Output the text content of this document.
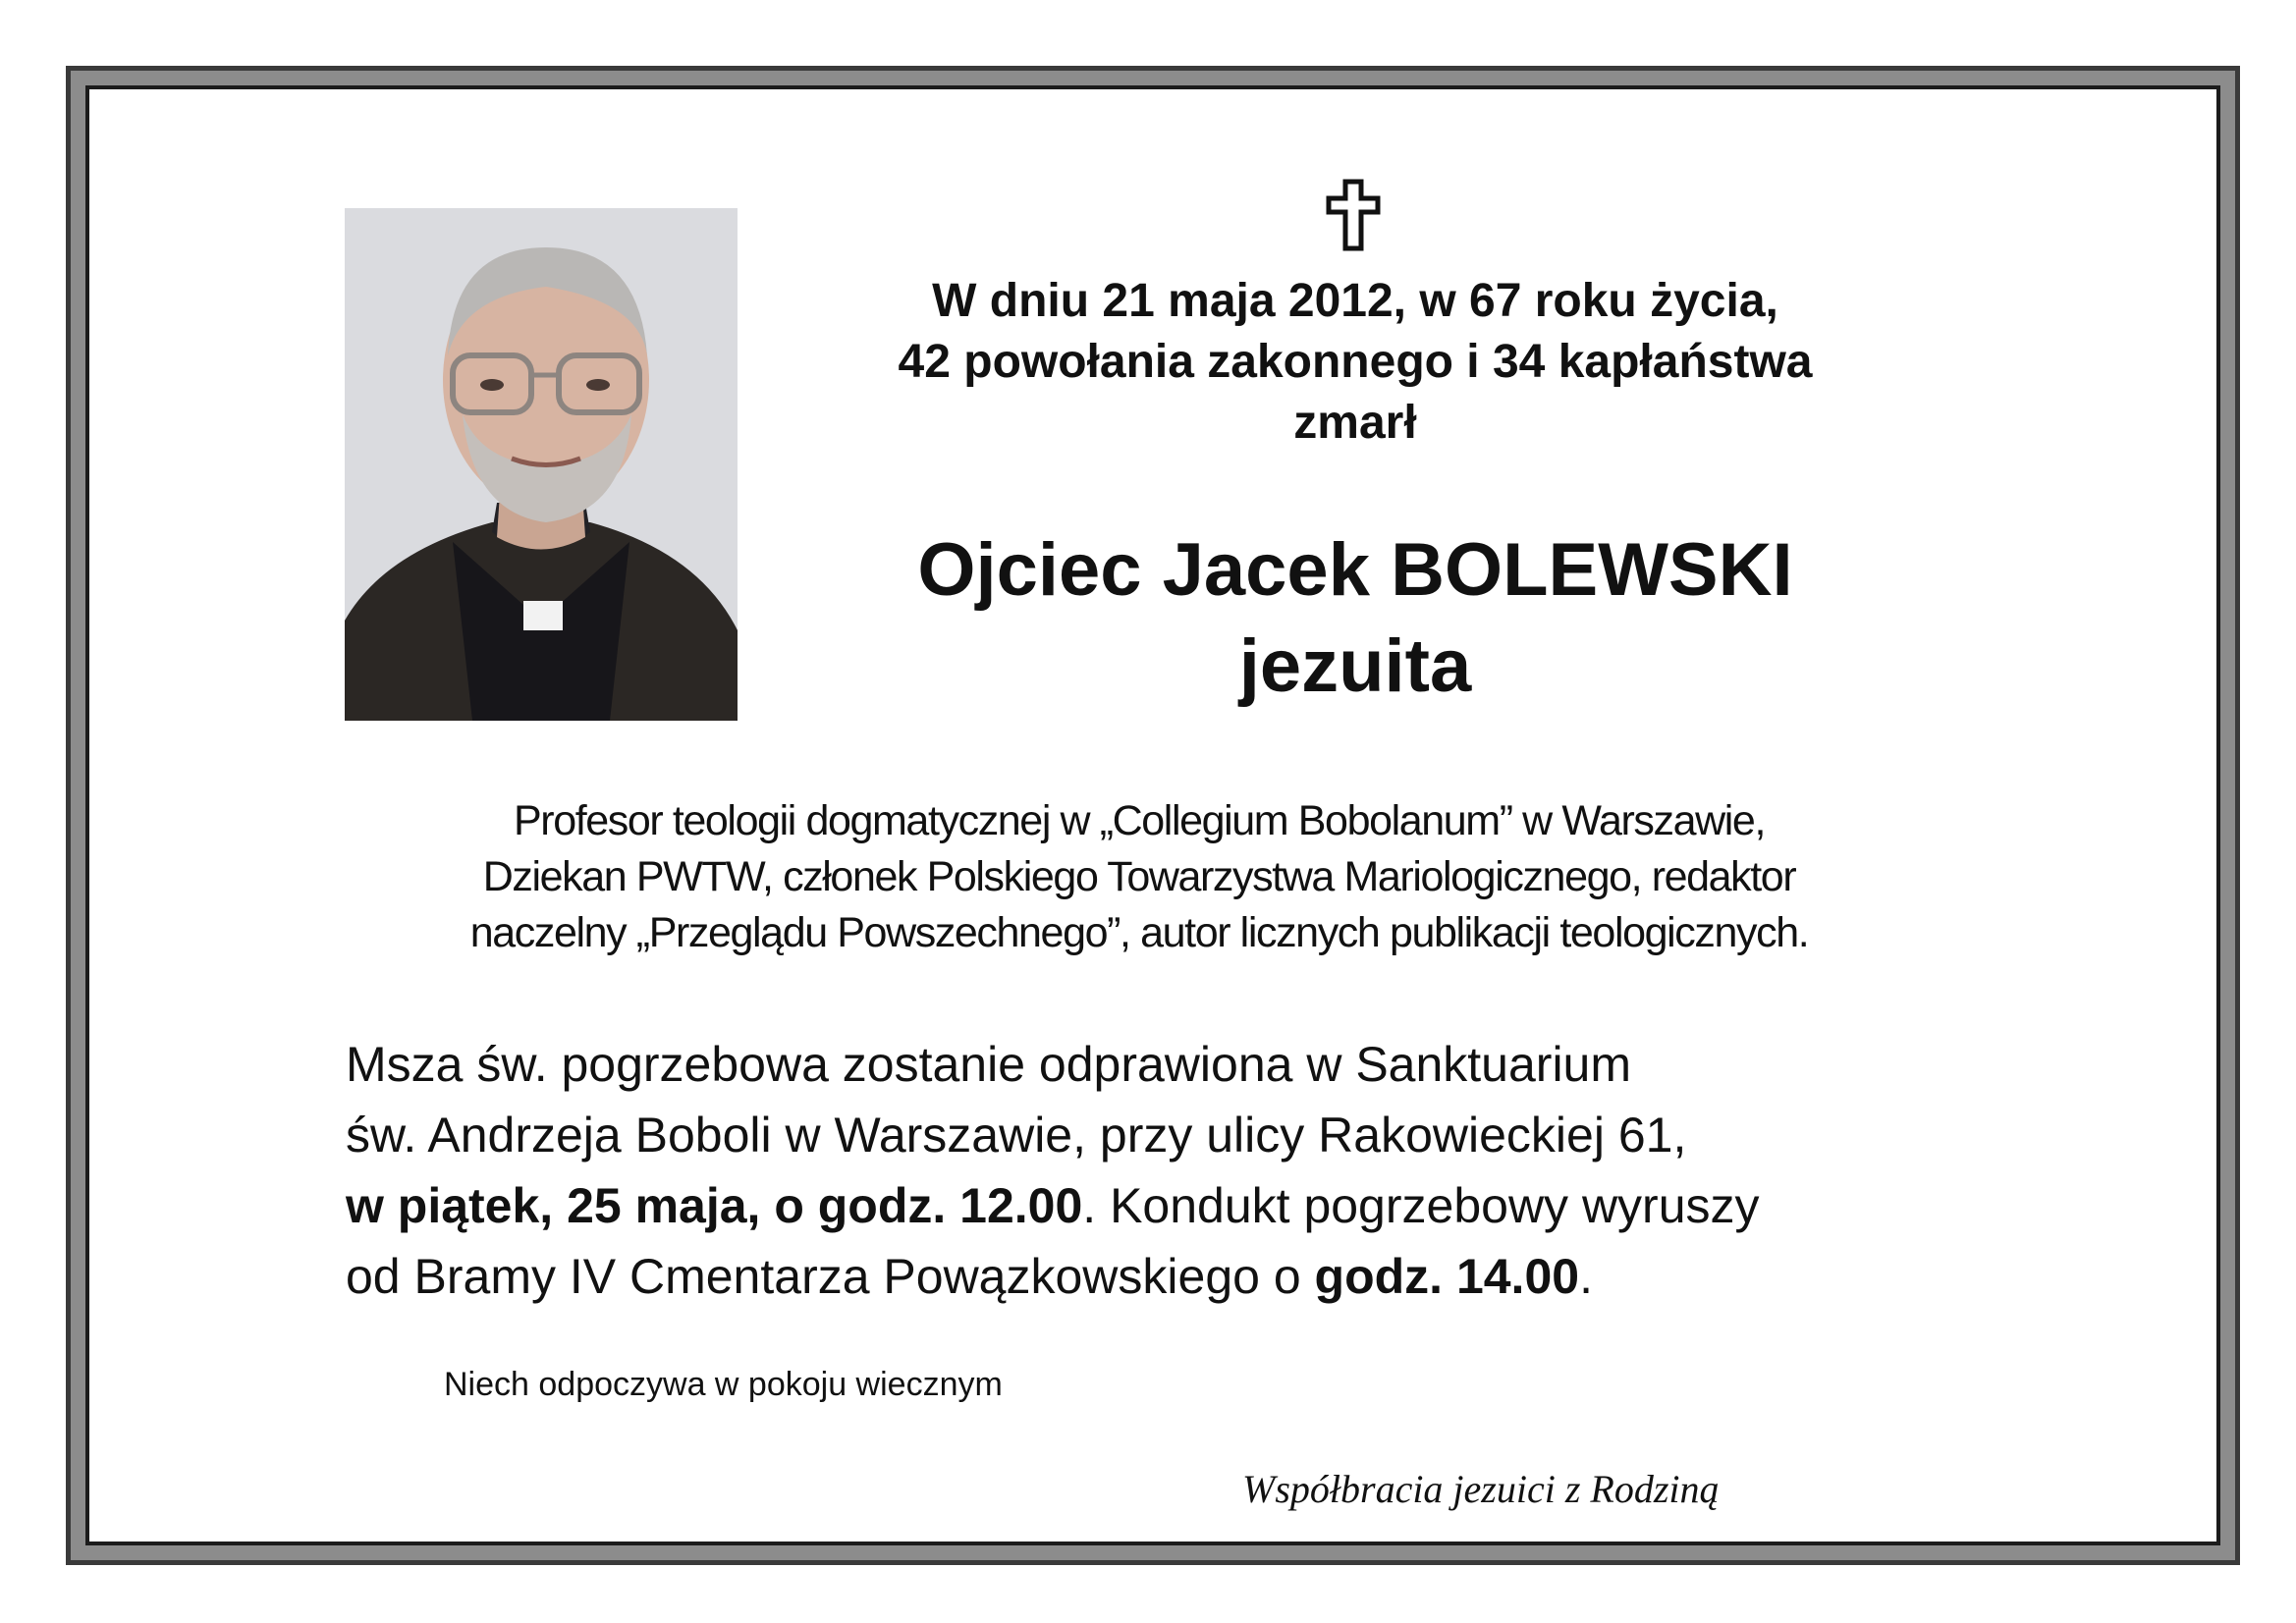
W dniu 21 maja 2012, w 67 roku życia,
42 powołania zakonnego i 34 kapłaństwa
zmarł
Ojciec Jacek BOLEWSKI
jezuita
Profesor teologii dogmatycznej w „Collegium Bobolanum” w Warszawie,
Dziekan PWTW, członek Polskiego Towarzystwa Mariologicznego, redaktor
naczelny „Przeglądu Powszechnego”, autor licznych publikacji teologicznych.
Msza św. pogrzebowa zostanie odprawiona w Sanktuarium
św. Andrzeja Boboli w Warszawie, przy ulicy Rakowieckiej 61,
w piątek, 25 maja, o godz. 12.00. Kondukt pogrzebowy wyruszy
od Bramy IV Cmentarza Powązkowskiego o godz. 14.00.
Niech odpoczywa w pokoju wiecznym
Współbracia jezuici z Rodziną
